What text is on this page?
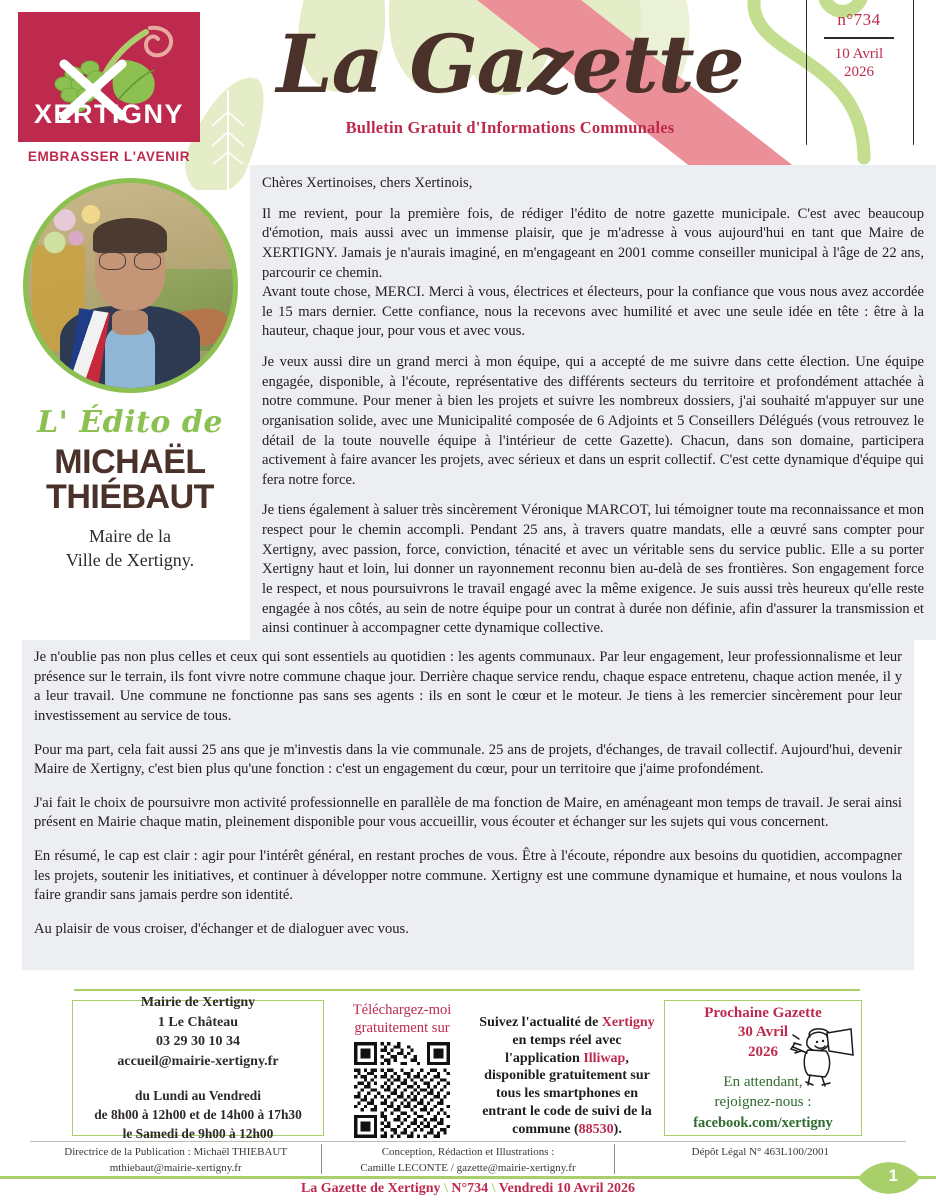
XERTIGNY
EMBRASSER L'AVENIR
La Gazette
Bulletin Gratuit d'Informations Communales
n°734
10 Avril
2026
L' Édito de
MICHAËL
THIÉBAUT
Maire de la
Ville de Xertigny.

Chères Xertinoises, chers Xertinois,

Il me revient, pour la première fois, de rédiger l'édito de notre gazette municipale. C'est avec beaucoup d'émotion, mais aussi avec un immense plaisir, que je m'adresse à vous aujourd'hui en tant que Maire de XERTIGNY. Jamais je n'aurais imaginé, en m'engageant en 2001 comme conseiller municipal à l'âge de 22 ans, parcourir ce chemin.

Avant toute chose, MERCI. Merci à vous, électrices et électeurs, pour la confiance que vous nous avez accordée le 15 mars dernier. Cette confiance, nous la recevons avec humilité et avec une seule idée en tête : être à la hauteur, chaque jour, pour vous et avec vous.

Je veux aussi dire un grand merci à mon équipe, qui a accepté de me suivre dans cette élection. Une équipe engagée, disponible, à l'écoute, représentative des différents secteurs du territoire et profondément attachée à notre commune. Pour mener à bien les projets et suivre les nombreux dossiers, j'ai souhaité m'appuyer sur une organisation solide, avec une Municipalité composée de 6 Adjoints et 5 Conseillers Délégués (vous retrouvez le détail de la toute nouvelle équipe à l'intérieur de cette Gazette). Chacun, dans son domaine, participera activement à faire avancer les projets, avec sérieux et dans un esprit collectif. C'est cette dynamique d'équipe qui fera notre force.

Je tiens également à saluer très sincèrement Véronique MARCOT, lui témoigner toute ma reconnaissance et mon respect pour le chemin accompli. Pendant 25 ans, à travers quatre mandats, elle a œuvré sans compter pour Xertigny, avec passion, force, conviction, ténacité et avec un véritable sens du service public. Elle a su porter Xertigny haut et loin, lui donner un rayonnement reconnu bien au-delà de ses frontières. Son engagement force le respect, et nous poursuivrons le travail engagé avec la même exigence. Je suis aussi très heureux qu'elle reste engagée à nos côtés, au sein de notre équipe pour un contrat à durée non définie, afin d'assurer la transmission et ainsi continuer à accompagner cette dynamique collective.

Je n'oublie pas non plus celles et ceux qui sont essentiels au quotidien : les agents communaux. Par leur engagement, leur professionnalisme et leur présence sur le terrain, ils font vivre notre commune chaque jour. Derrière chaque service rendu, chaque espace entretenu, chaque action menée, il y a leur travail. Une commune ne fonctionne pas sans ses agents : ils en sont le cœur et le moteur. Je tiens à les remercier sincèrement pour leur investissement au service de tous.

Pour ma part, cela fait aussi 25 ans que je m'investis dans la vie communale. 25 ans de projets, d'échanges, de travail collectif. Aujourd'hui, devenir Maire de Xertigny, c'est bien plus qu'une fonction : c'est un engagement du cœur, pour un territoire que j'aime profondément.

J'ai fait le choix de poursuivre mon activité professionnelle en parallèle de ma fonction de Maire, en aménageant mon temps de travail. Je serai ainsi présent en Mairie chaque matin, pleinement disponible pour vous accueillir, vous écouter et échanger sur les sujets qui vous concernent.

En résumé, le cap est clair : agir pour l'intérêt général, en restant proches de vous. Être à l'écoute, répondre aux besoins du quotidien, accompagner les projets, soutenir les initiatives, et continuer à développer notre commune. Xertigny est une commune dynamique et humaine, et nous voulons la faire grandir sans jamais perdre son identité.

Au plaisir de vous croiser, d'échanger et de dialoguer avec vous.

Mairie de Xertigny
1 Le Château
03 29 30 10 34
accueil@mairie-xertigny.fr
du Lundi au Vendredi
de 8h00 à 12h00 et de 14h00 à 17h30
le Samedi de 9h00 à 12h00
Téléchargez-moi
gratuitement sur	Suivez l'actualité de Xertigny en temps réel avec l'application Illiwap, disponible gratuitement sur tous les smartphones en entrant le code de suivi de la commune (88530).
Prochaine Gazette
30 Avril
2026
En attendant,
rejoignez-nous :
facebook.com/xertigny
Directrice de la Publication : Michaël THIEBAUT
mthiebaut@mairie-xertigny.fr
Conception, Rédaction et Illustrations :
Camille LECONTE / gazette@mairie-xertigny.fr
Dépôt Légal N° 463L100/2001
La Gazette de Xertigny \ N°734 \ Vendredi 10 Avril 2026
1
